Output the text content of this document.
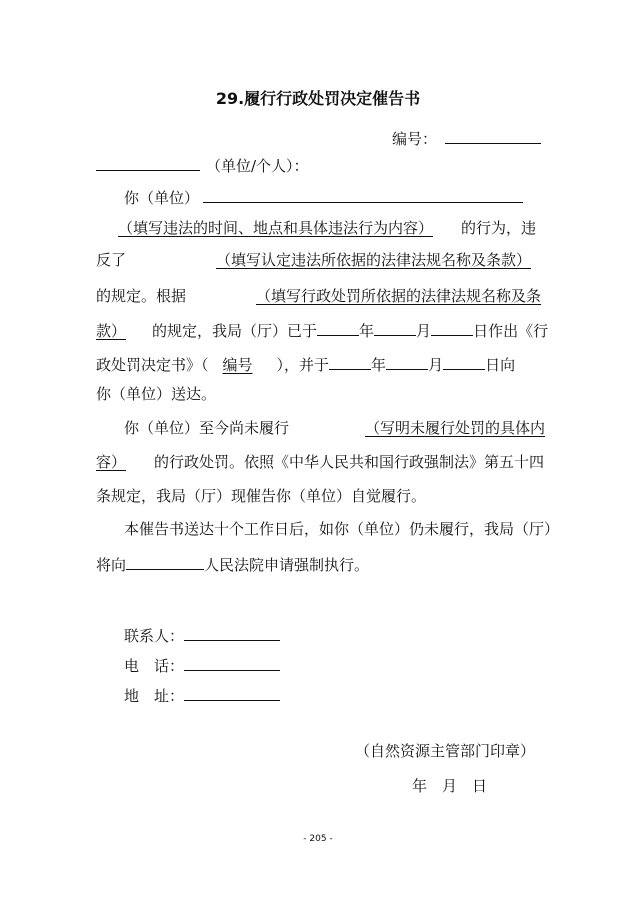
29.履行行政处罚决定催告书
编号：
（单位/个人）：
你（单位）
（填写违法的时间、地点和具体违法行为内容） 的行为，违
反了	（填写认定违法所依据的法律法规名称及条款）
的规定。根据	（填写行政处罚所依据的法律法规名称及条
款） 的规定，我局（厅）已于	年	月	日作出《行
政处罚决定书》（ 编号 ），并于	年	月	日向
你（单位）送达。
你（单位）至今尚未履行	（写明未履行处罚的具体内
容） 的行政处罚。依照《中华人民共和国行政强制法》第五十四
条规定，我局（厅）现催告你（单位）自觉履行。
本催告书送达十个工作日后，如你（单位）仍未履行，我局（厅）
将向	人民法院申请强制执行。
联系人：
电　话：
地　址：
（自然资源主管部门印章）
年　月　日
- 205 -
